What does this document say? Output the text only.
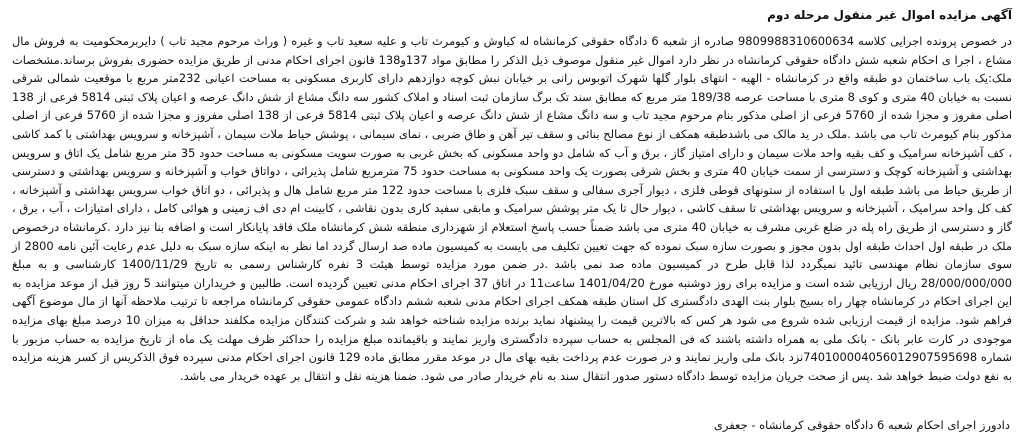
آگهی مزایده اموال غیر منقول مرحله دوم

در خصوص پرونده اجرایی کلاسه 9809988310600634 صادره از شعبه 6 دادگاه حقوقی کرمانشاه له کیاوش و کیومرث تاب و علیه سعید تاب و غیره ( وراث مرحوم مجید تاب ) دایربرمحکومیت به فروش مال مشاع ، اجرا ی احکام شعبه شش دادگاه حقوقی کرمانشاه در نظر دارد اموال غیر منقول موصوف ذیل الذکر را مطابق مواد 137و138 قانون اجرای احکام مدنی از طریق مزایده حضوری بفروش برساند.مشخصات ملک:یک باب ساختمان دو طبقه واقع در کرمانشاه - الهیه - انتهای بلوار گلها شهرک اتوبوس رانی بر خیابان نبش کوچه دوازدهم دارای کاربری مسکونی به مساحت اعیانی 232متر مربع با موقعیت شمالی شرقی نسبت به خیابان 40 متری و کوی 8 متری با مساحت عرصه 189/38 متر مربع که مطابق سند تک برگ سازمان ثبت اسناد و املاک کشور سه دانگ مشاع از شش دانگ عرصه و اعیان پلاک ثبتی 5814 فرعی از 138 اصلی مفروز و مجزا شده از 5760 فرعی از اصلی مذکور بنام مرحوم مجید تاب و سه دانگ مشاع از شش دانگ عرصه و اعیان پلاک ثبتی 5814 فرعی از 138 اصلی مفروز و مجزا شده از 5760 فرعی از اصلی مذکور بنام کیومرث تاب می باشد .ملک در ید مالک می باشدطبقه همکف از نوع مصالح بنائی و سقف تیر آهن و طاق ضربی ، نمای سیمانی ، پوشش حیاط ملات سیمان ، آشپزخانه و سرویس بهداشتی با کمد کاشی ، کف آشپزخانه سرامیک و کف بقیه واحد ملات سیمان و دارای امتیاز گاز ، برق و آب که شامل دو واحد مسکونی که بخش غربی به صورت سویت مسکونی به مساحت حدود 35 متر مربع شامل یک اتاق و سرویس بهداشتی و آشپزخانه کوچک و دسترسی از سمت خیابان 40 متری و بخش شرقی بصورت یک واحد مسکونی به مساحت حدود 75 مترمربع شامل پذیرائی ، دواتاق خواب و آشپزخانه و سرویس بهداشتی و دسترسی از طریق حیاط می باشد طبقه اول با استفاده از ستونهای قوطی فلزی ، دیوار آجری سفالی و سقف سبک فلزی با مساحت حدود 122 متر مربع شامل هال و پذیرائی ، دو اتاق خواب سرویس بهداشتی و آشپزخانه ، کف کل واحد سرامیک ، آشپزخانه و سرویس بهداشتی تا سقف کاشی ، دیوار حال تا یک متر پوشش سرامیک و مابقی سفید کاری بدون نقاشی ، کابینت ام دی اف زمینی و هوائی کامل ، دارای امتیازات ، آب ، برق ، گاز و دسترسی از طریق راه پله در ضلع غربی مشرف به خیابان 40 متری می باشد ضمناً حسب پاسخ استعلام از شهرداری منطقه شش کرمانشاه ملک فاقد پایانکار است و اضافه بنا نیز دارد .کرمانشاه درخصوص ملک در طبقه اول احداث طبقه اول بدون مجوز و بصورت سازه سبک نموده که جهت تعیین تکلیف می بایست به کمیسیون ماده صد ارسال گردد اما نظر به اینکه سازه سبک به دلیل عدم رعایت آئین نامه 2800 از سوی سازمان نظام مهندسی تائید نمیگردد لذا قابل طرح در کمیسیون ماده صد نمی باشد .در ضمن مورد مزایده توسط هیئت 3 نفره کارشناس رسمی به تاریخ 1400/11/29 کارشناسی و به مبلغ 28/000/000/000 ریال ارزیابی شده است و مزایده برای روز دوشنبه مورخ 1401/04/20 ساعت11 در اتاق 37 اجرای احکام مدنی تعیین گردیده است. طالبین و خریداران میتوانند 5 روز قبل از موعد مزایده به این اجرای احکام در کرمانشاه چهار راه بسیج بلوار بنت الهدی دادگستری کل استان طبقه همکف اجرای احکام مدنی شعبه ششم دادگاه عمومی حقوقی کرمانشاه مراجعه تا ترتیب ملاحظه آنها از مال موضوع آگهی فراهم شود. مزایده از قیمت ارزیابی شده شروع می شود هر کس که بالاترین قیمت را پیشنهاد نماید برنده مزایده شناخته خواهد شد و شرکت کنندگان مزایده مکلفند حداقل به میزان 10 درصد مبلغ بهای مزایده موجودی در کارت عابر بانک - بانک ملی به همراه داشته باشند که فی المجلس به حساب سپرده دادگستری واریز نمایند و باقیمانده مبلغ مزایده را حداکثر ظرف مهلت یک ماه از تاریخ مزایده به حساب مزبور با شماره 740100004056012907595698نزد بانک ملی واریز نمایند و در صورت عدم پرداخت بقیه بهای مال در موعد مقرر مطابق ماده 129 قانون اجرای احکام مدنی سپرده فوق الذکریس از کسر هزینه مزایده به نفع دولت ضبط خواهد شد .پس از صحت جریان مزایده توسط دادگاه دستور صدور انتقال سند به نام خریدار صادر می شود. ضمنا هزینه نقل و انتقال بر عهده خریدار می باشد.

دادورز اجرای احکام شعبه 6 دادگاه حقوقی کرمانشاه - جعفری
